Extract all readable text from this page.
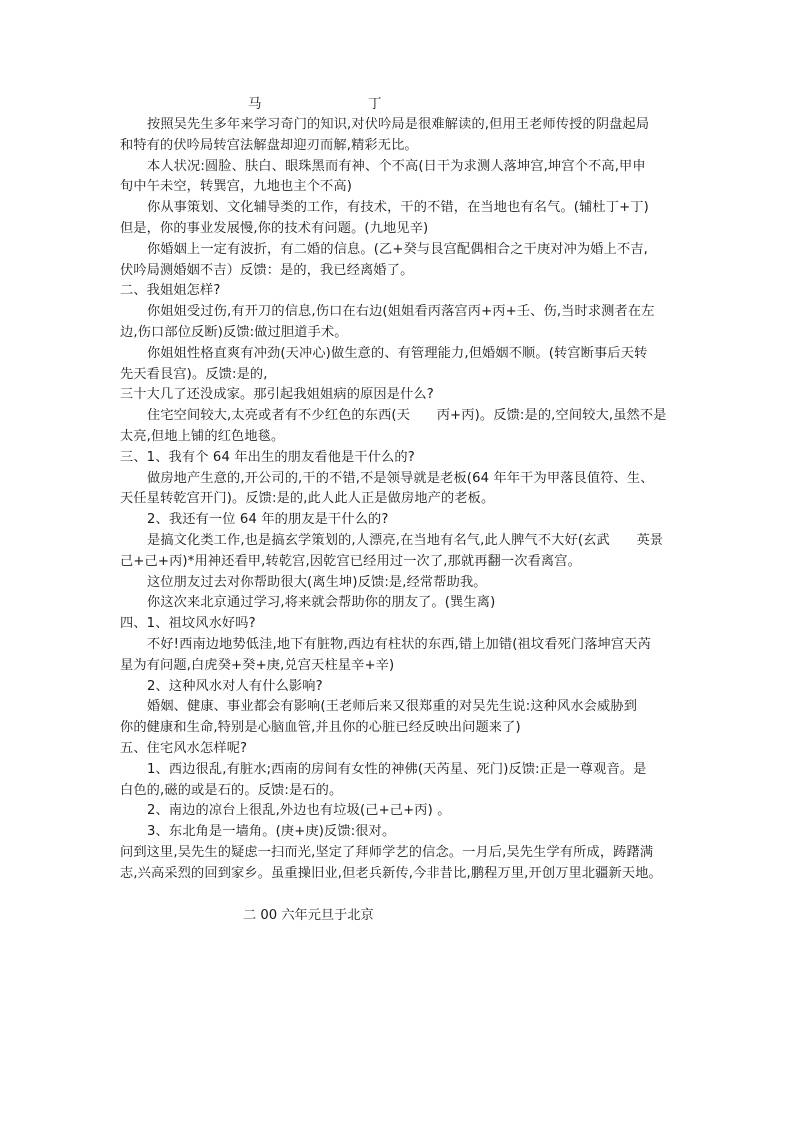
马	丁
按照吴先生多年来学习奇门的知识,对伏吟局是很难解读的,但用王老师传授的阴盘起局
和特有的伏吟局转宫法解盘却迎刃而解,精彩无比。
本人状况:圆脸、肤白、眼珠黑而有神、个不高(日干为求测人落坤宫,坤宫个不高,甲申
旬中午未空，转巽宫，九地也主个不高)
你从事策划、文化辅导类的工作，有技术，干的不错，在当地也有名气。(辅杜丁+丁)
但是，你的事业发展慢,你的技术有问题。(九地见辛)
你婚姻上一定有波折，有二婚的信息。(乙+癸与艮宫配偶相合之干庚对冲为婚上不吉,
伏吟局测婚姻不吉）反馈：是的，我已经离婚了。
二、我姐姐怎样?
你姐姐受过伤,有开刀的信息,伤口在右边(姐姐看丙落宫丙+丙+壬、伤,当时求测者在左
边,伤口部位反断)反馈:做过胆道手术。
你姐姐性格直爽有冲劲(天冲心)做生意的、有管理能力,但婚姻不顺。(转宫断事后天转
先天看艮宫)。反馈:是的,
三十大几了还没成家。那引起我姐姐病的原因是什么?
住宅空间较大,太亮或者有不少红色的东西(天　　丙+丙)。反馈:是的,空间较大,虽然不是
太亮,但地上铺的红色地毯。
三、1、我有个 64 年出生的朋友看他是干什么的?
做房地产生意的,开公司的,干的不错,不是领导就是老板(64 年年干为甲落艮值符、生、
天任星转乾宫开门)。反馈:是的,此人此人正是做房地产的老板。
2、我还有一位 64 年的朋友是干什么的?
是搞文化类工作,也是搞玄学策划的,人漂亮,在当地有名气,此人脾气不大好(玄武　　英景
己+己+丙)*用神还看甲,转乾宫,因乾宫已经用过一次了,那就再翻一次看离宫。
这位朋友过去对你帮助很大(离生坤)反馈:是,经常帮助我。
你这次来北京通过学习,将来就会帮助你的朋友了。(巽生离)
四、1、祖坟风水好吗?
不好!西南边地势低洼,地下有脏物,西边有柱状的东西,错上加错(祖坟看死门落坤宫天芮
星为有问题,白虎癸+癸+庚,兑宫天柱星辛+辛)
2、这种风水对人有什么影响?
婚姻、健康、事业都会有影响(王老师后来又很郑重的对吴先生说:这种风水会威胁到
你的健康和生命,特别是心脑血管,并且你的心脏已经反映出问题来了)
五、住宅风水怎样呢?
1、西边很乱,有脏水;西南的房间有女性的神佛(天芮星、死门)反馈:正是一尊观音。是
白色的,磁的或是石的。反馈:是石的。
2、南边的凉台上很乱,外边也有垃圾(己+己+丙) 。
3、东北角是一墙角。(庚+庚)反馈:很对。
问到这里,吴先生的疑虑一扫而光,坚定了拜师学艺的信念。一月后,吴先生学有所成，踌躇满
志,兴高采烈的回到家乡。虽重操旧业,但老兵新传,今非昔比,鹏程万里,开创万里北疆新天地。
二 00 六年元旦于北京
